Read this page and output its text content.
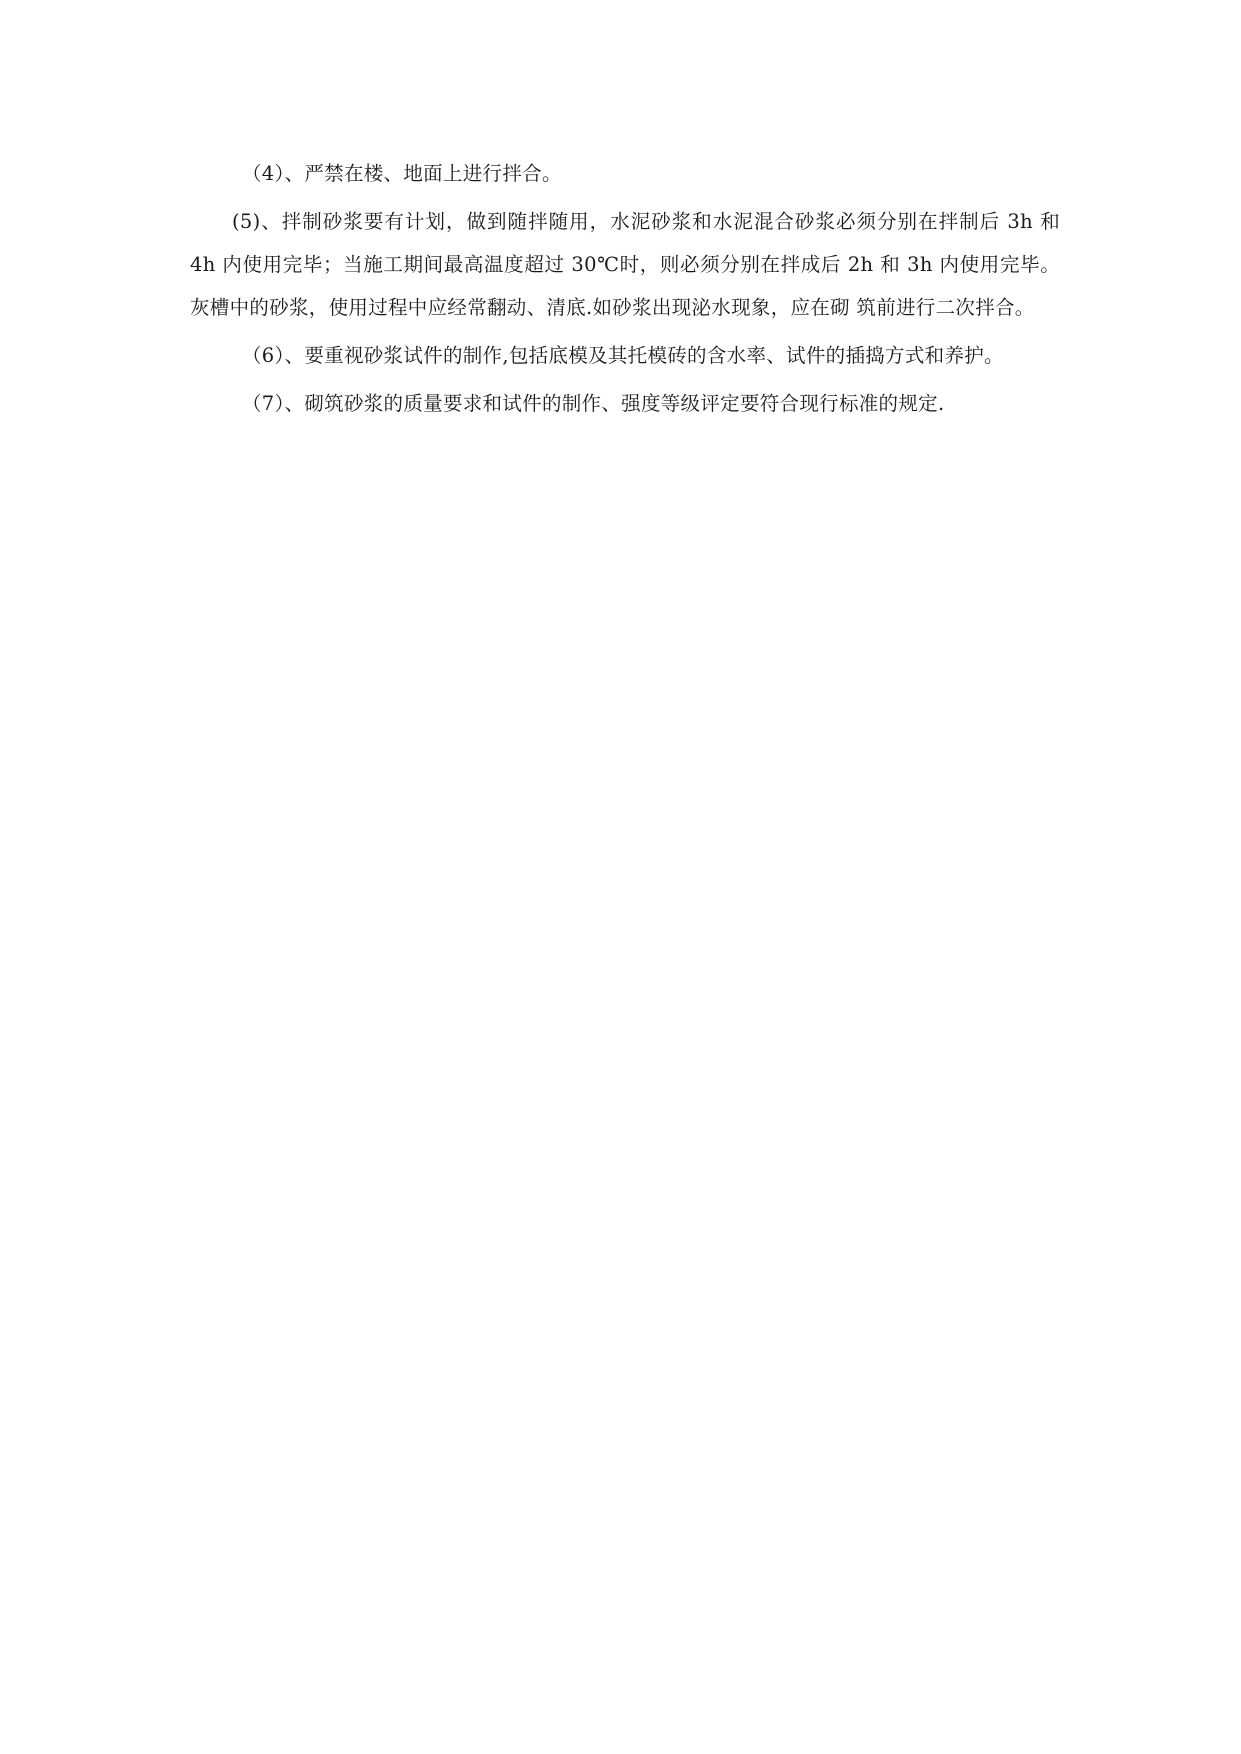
（4）、严禁在楼、地面上进行拌合。

(5)、拌制砂浆要有计划，做到随拌随用，水泥砂浆和水泥混合砂浆必须分别在拌制后 3h 和 4h 内使用完毕；当施工期间最高温度超过 30℃时，则必须分别在拌成后 2h 和 3h 内使用完毕。灰槽中的砂浆，使用过程中应经常翻动、清底.如砂浆出现泌水现象，应在砌 筑前进行二次拌合。

（6）、要重视砂浆试件的制作,包括底模及其托模砖的含水率、试件的插捣方式和养护。

（7）、砌筑砂浆的质量要求和试件的制作、强度等级评定要符合现行标准的规定.
